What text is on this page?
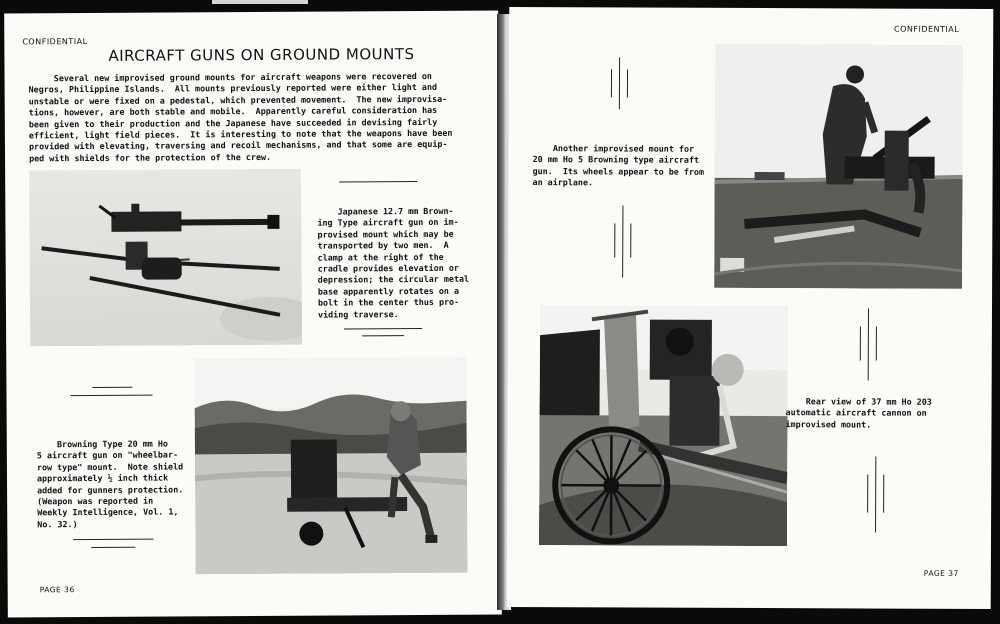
CONFIDENTIAL
AIRCRAFT GUNS ON GROUND MOUNTS

Several new improvised ground mounts for aircraft weapons were recovered on
Negros, Philippine Islands.  All mounts previously reported were either light and
unstable or were fixed on a pedestal, which prevented movement.  The new improvisa-
tions, however, are both stable and mobile.  Apparently careful consideration has
been given to their production and the Japanese have succeeded in devising fairly
efficient, light field pieces.  It is interesting to note that the weapons have been
provided with elevating, traversing and recoil mechanisms, and that some are equip-
ped with shields for the protection of the crew.

Japanese 12.7 mm Brown-
ing Type aircraft gun on im-
provised mount which may be
transported by two men.  A
clamp at the right of the
cradle provides elevation or
depression; the circular metal
base apparently rotates on a
bolt in the center thus pro-
viding traverse.

Browning Type 20 mm Ho
5 aircraft gun on "wheelbar-
row type" mount.  Note shield
approximately ½ inch thick
added for gunners protection.
(Weapon was reported in
Weekly Intelligence, Vol. 1,
No. 32.)

PAGE 36
CONFIDENTIAL

Another improvised mount for
20 mm Ho 5 Browning type aircraft
gun.  Its wheels appear to be from
an airplane.

Rear view of 37 mm Ho 203
automatic aircraft cannon on
improvised mount.

PAGE 37
